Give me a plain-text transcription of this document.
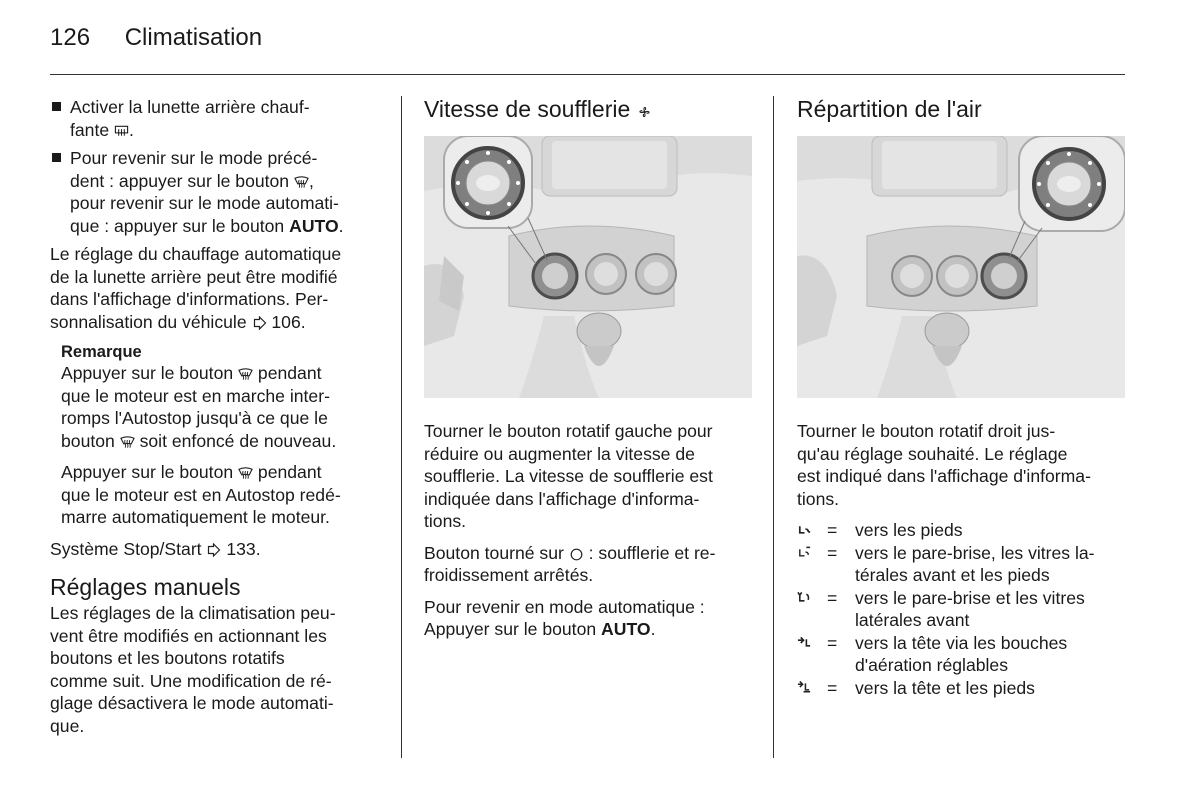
126 Climatisation
Activer la lunette arrière chauf-
fante .
Pour revenir sur le mode précé-
dent : appuyer sur le bouton ,
pour revenir sur le mode automati-
que : appuyer sur le bouton AUTO.

Le réglage du chauffage automatique
de la lunette arrière peut être modifié
dans l'affichage d'informations. Per-
sonnalisation du véhicule 106.

Remarque

Appuyer sur le bouton pendant
que le moteur est en marche inter-
romps l'Autostop jusqu'à ce que le
bouton soit enfoncé de nouveau.

Appuyer sur le bouton pendant
que le moteur est en Autostop redé-
marre automatiquement le moteur.

Système Stop/Start 133.

Réglages manuels

Les réglages de la climatisation peu-
vent être modifiés en actionnant les
boutons et les boutons rotatifs
comme suit. Une modification de ré-
glage désactivera le mode automati-
que.

Vitesse de soufflerie

Tourner le bouton rotatif gauche pour
réduire ou augmenter la vitesse de
soufflerie. La vitesse de soufflerie est
indiquée dans l'affichage d'informa-
tions.

Bouton tourné sur : soufflerie et re-
froidissement arrêtés.

Pour revenir en mode automatique :
Appuyer sur le bouton AUTO.

Répartition de l'air

Tourner le bouton rotatif droit jus-
qu'au réglage souhaité. Le réglage
est indiqué dans l'affichage d'informa-
tions.

=	vers les pieds
=	vers le pare-brise, les vitres la-
térales avant et les pieds
=	vers le pare-brise et les vitres
latérales avant
=	vers la tête via les bouches
d'aération réglables
=	vers la tête et les pieds
